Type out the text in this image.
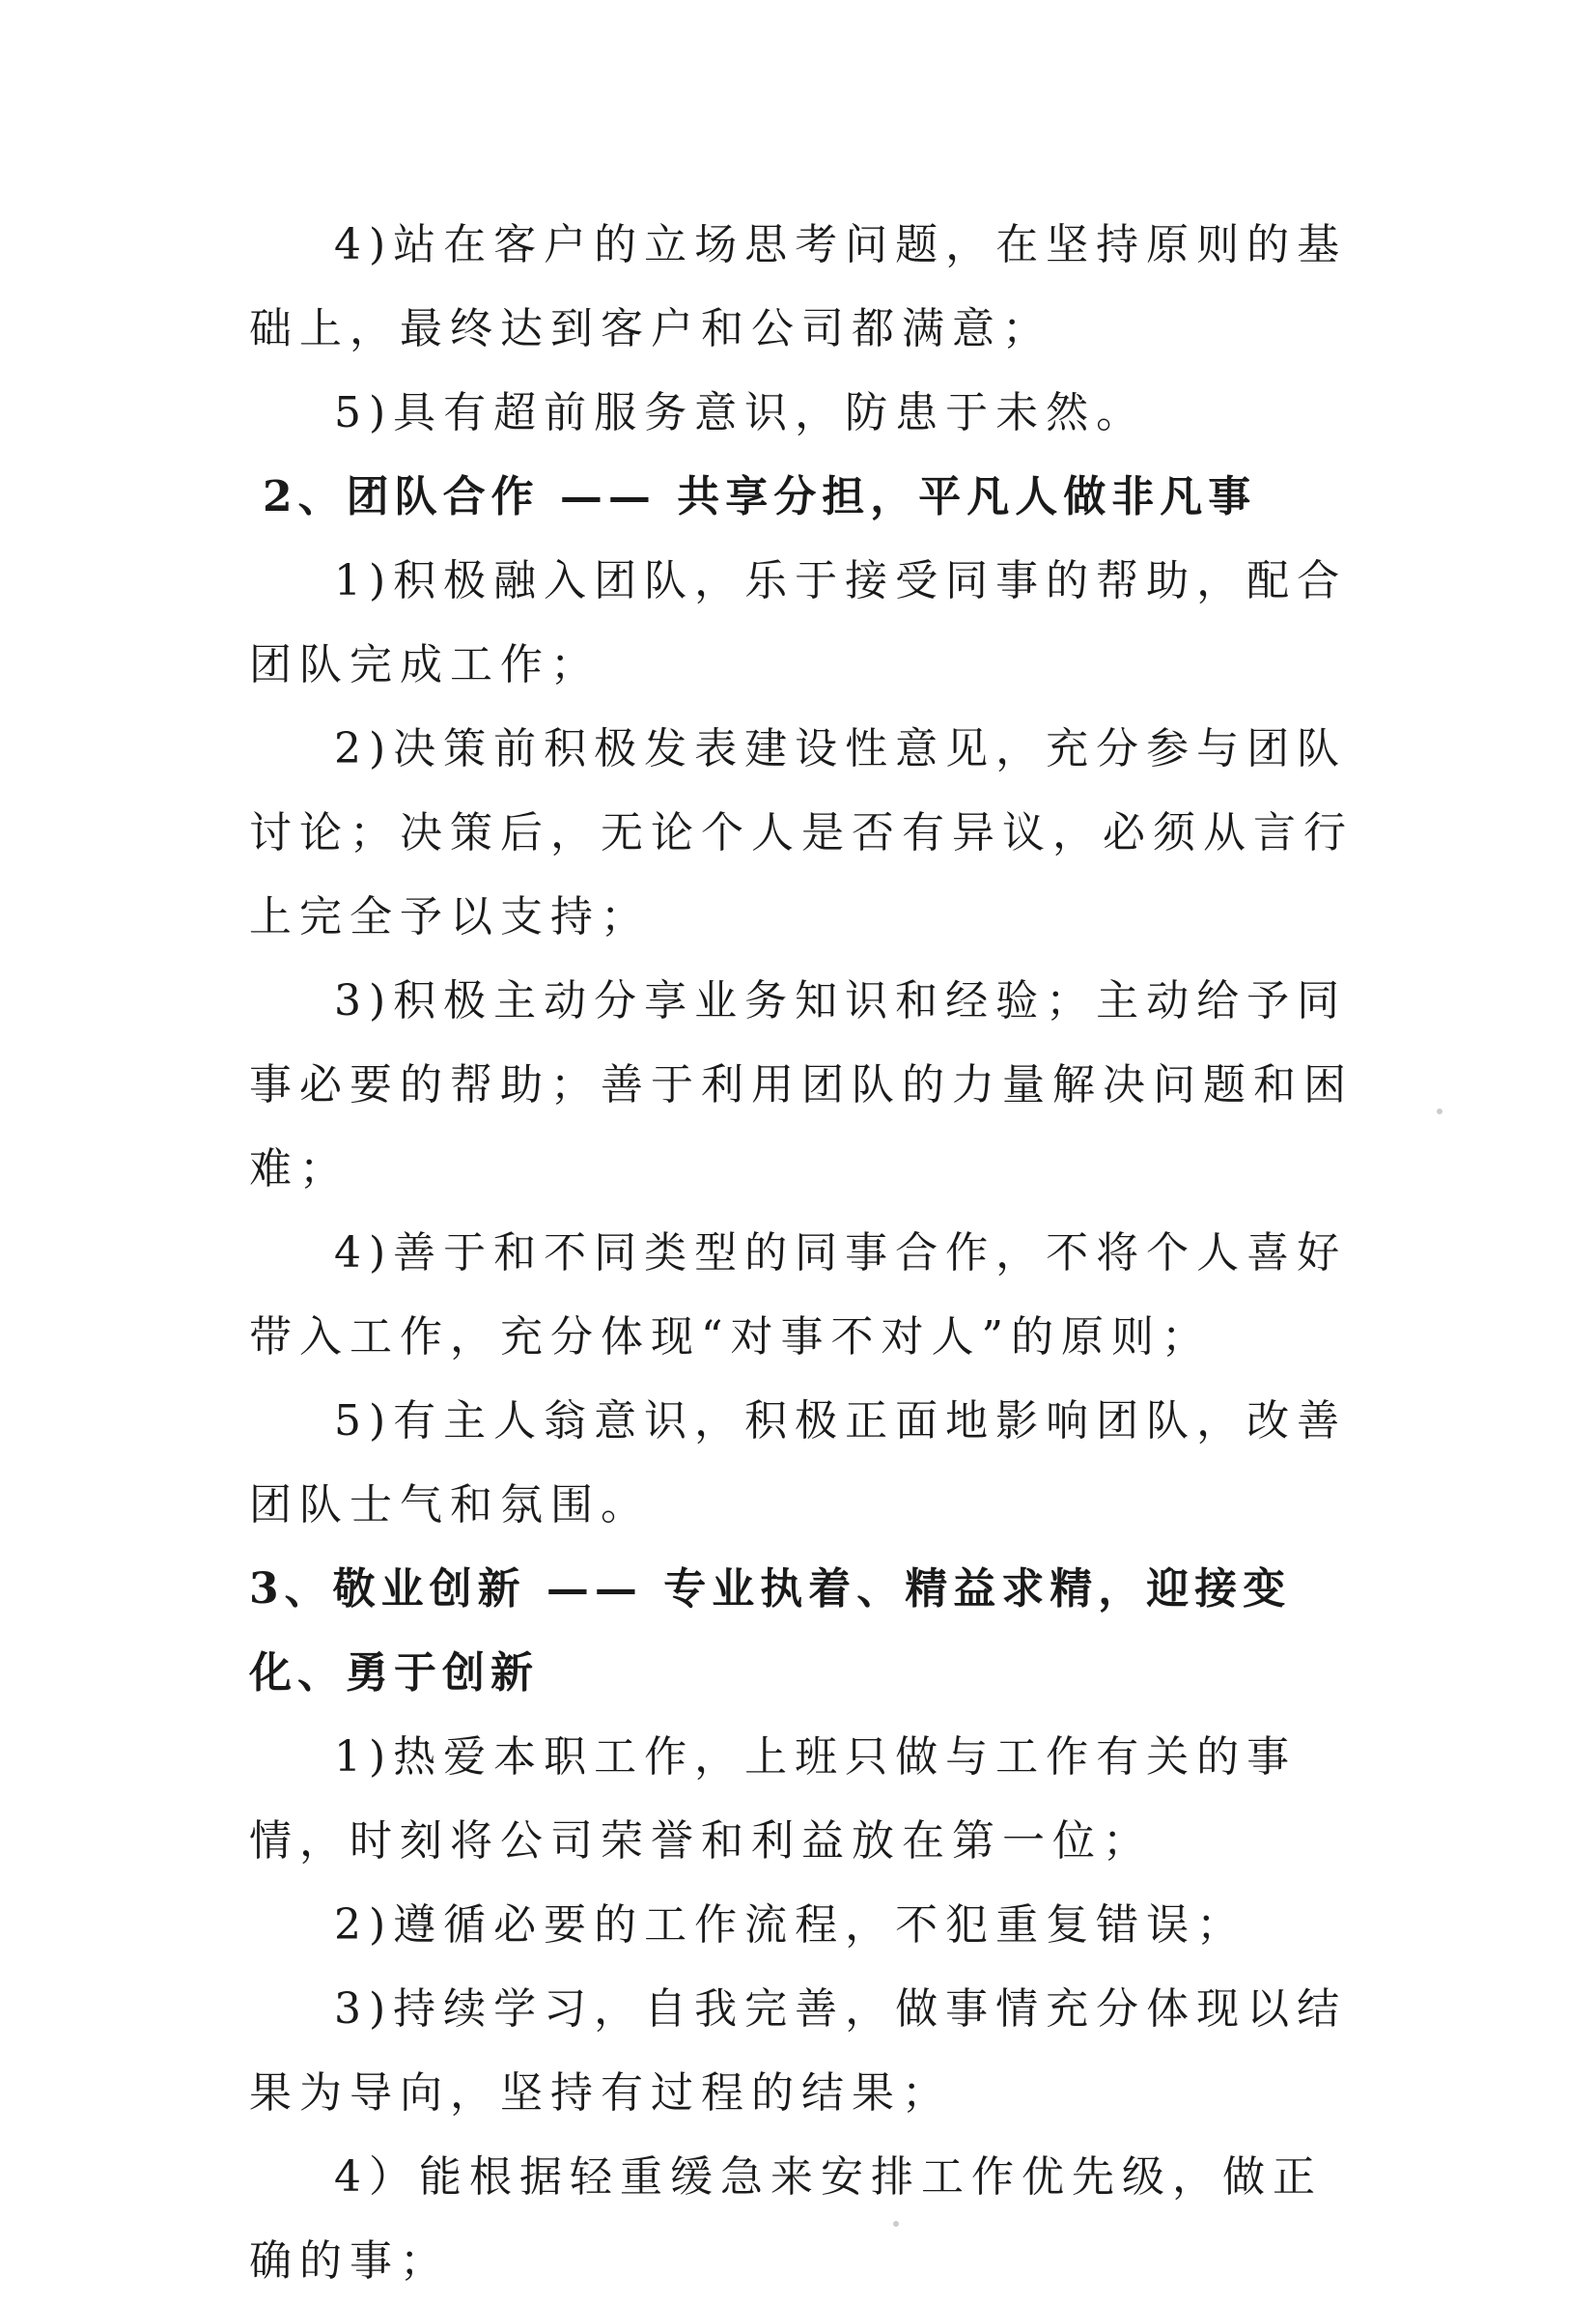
4)站在客户的立场思考问题，在坚持原则的基础上，最终达到客户和公司都满意；

5)具有超前服务意识，防患于未然。

2、团队合作 —— 共享分担，平凡人做非凡事

1)积极融入团队，乐于接受同事的帮助，配合团队完成工作；

2)决策前积极发表建设性意见，充分参与团队讨论；决策后，无论个人是否有异议，必须从言行上完全予以支持；

3)积极主动分享业务知识和经验；主动给予同事必要的帮助；善于利用团队的力量解决问题和困难；

4)善于和不同类型的同事合作，不将个人喜好带入工作，充分体现“对事不对人”的原则；

5)有主人翁意识，积极正面地影响团队，改善团队士气和氛围。

3、敬业创新 —— 专业执着、精益求精，迎接变化、勇于创新

1)热爱本职工作，上班只做与工作有关的事情，时刻将公司荣誉和利益放在第一位；

2)遵循必要的工作流程，不犯重复错误；

3)持续学习，自我完善，做事情充分体现以结果为导向，坚持有过程的结果；

4）能根据轻重缓急来安排工作优先级，做正确的事；
